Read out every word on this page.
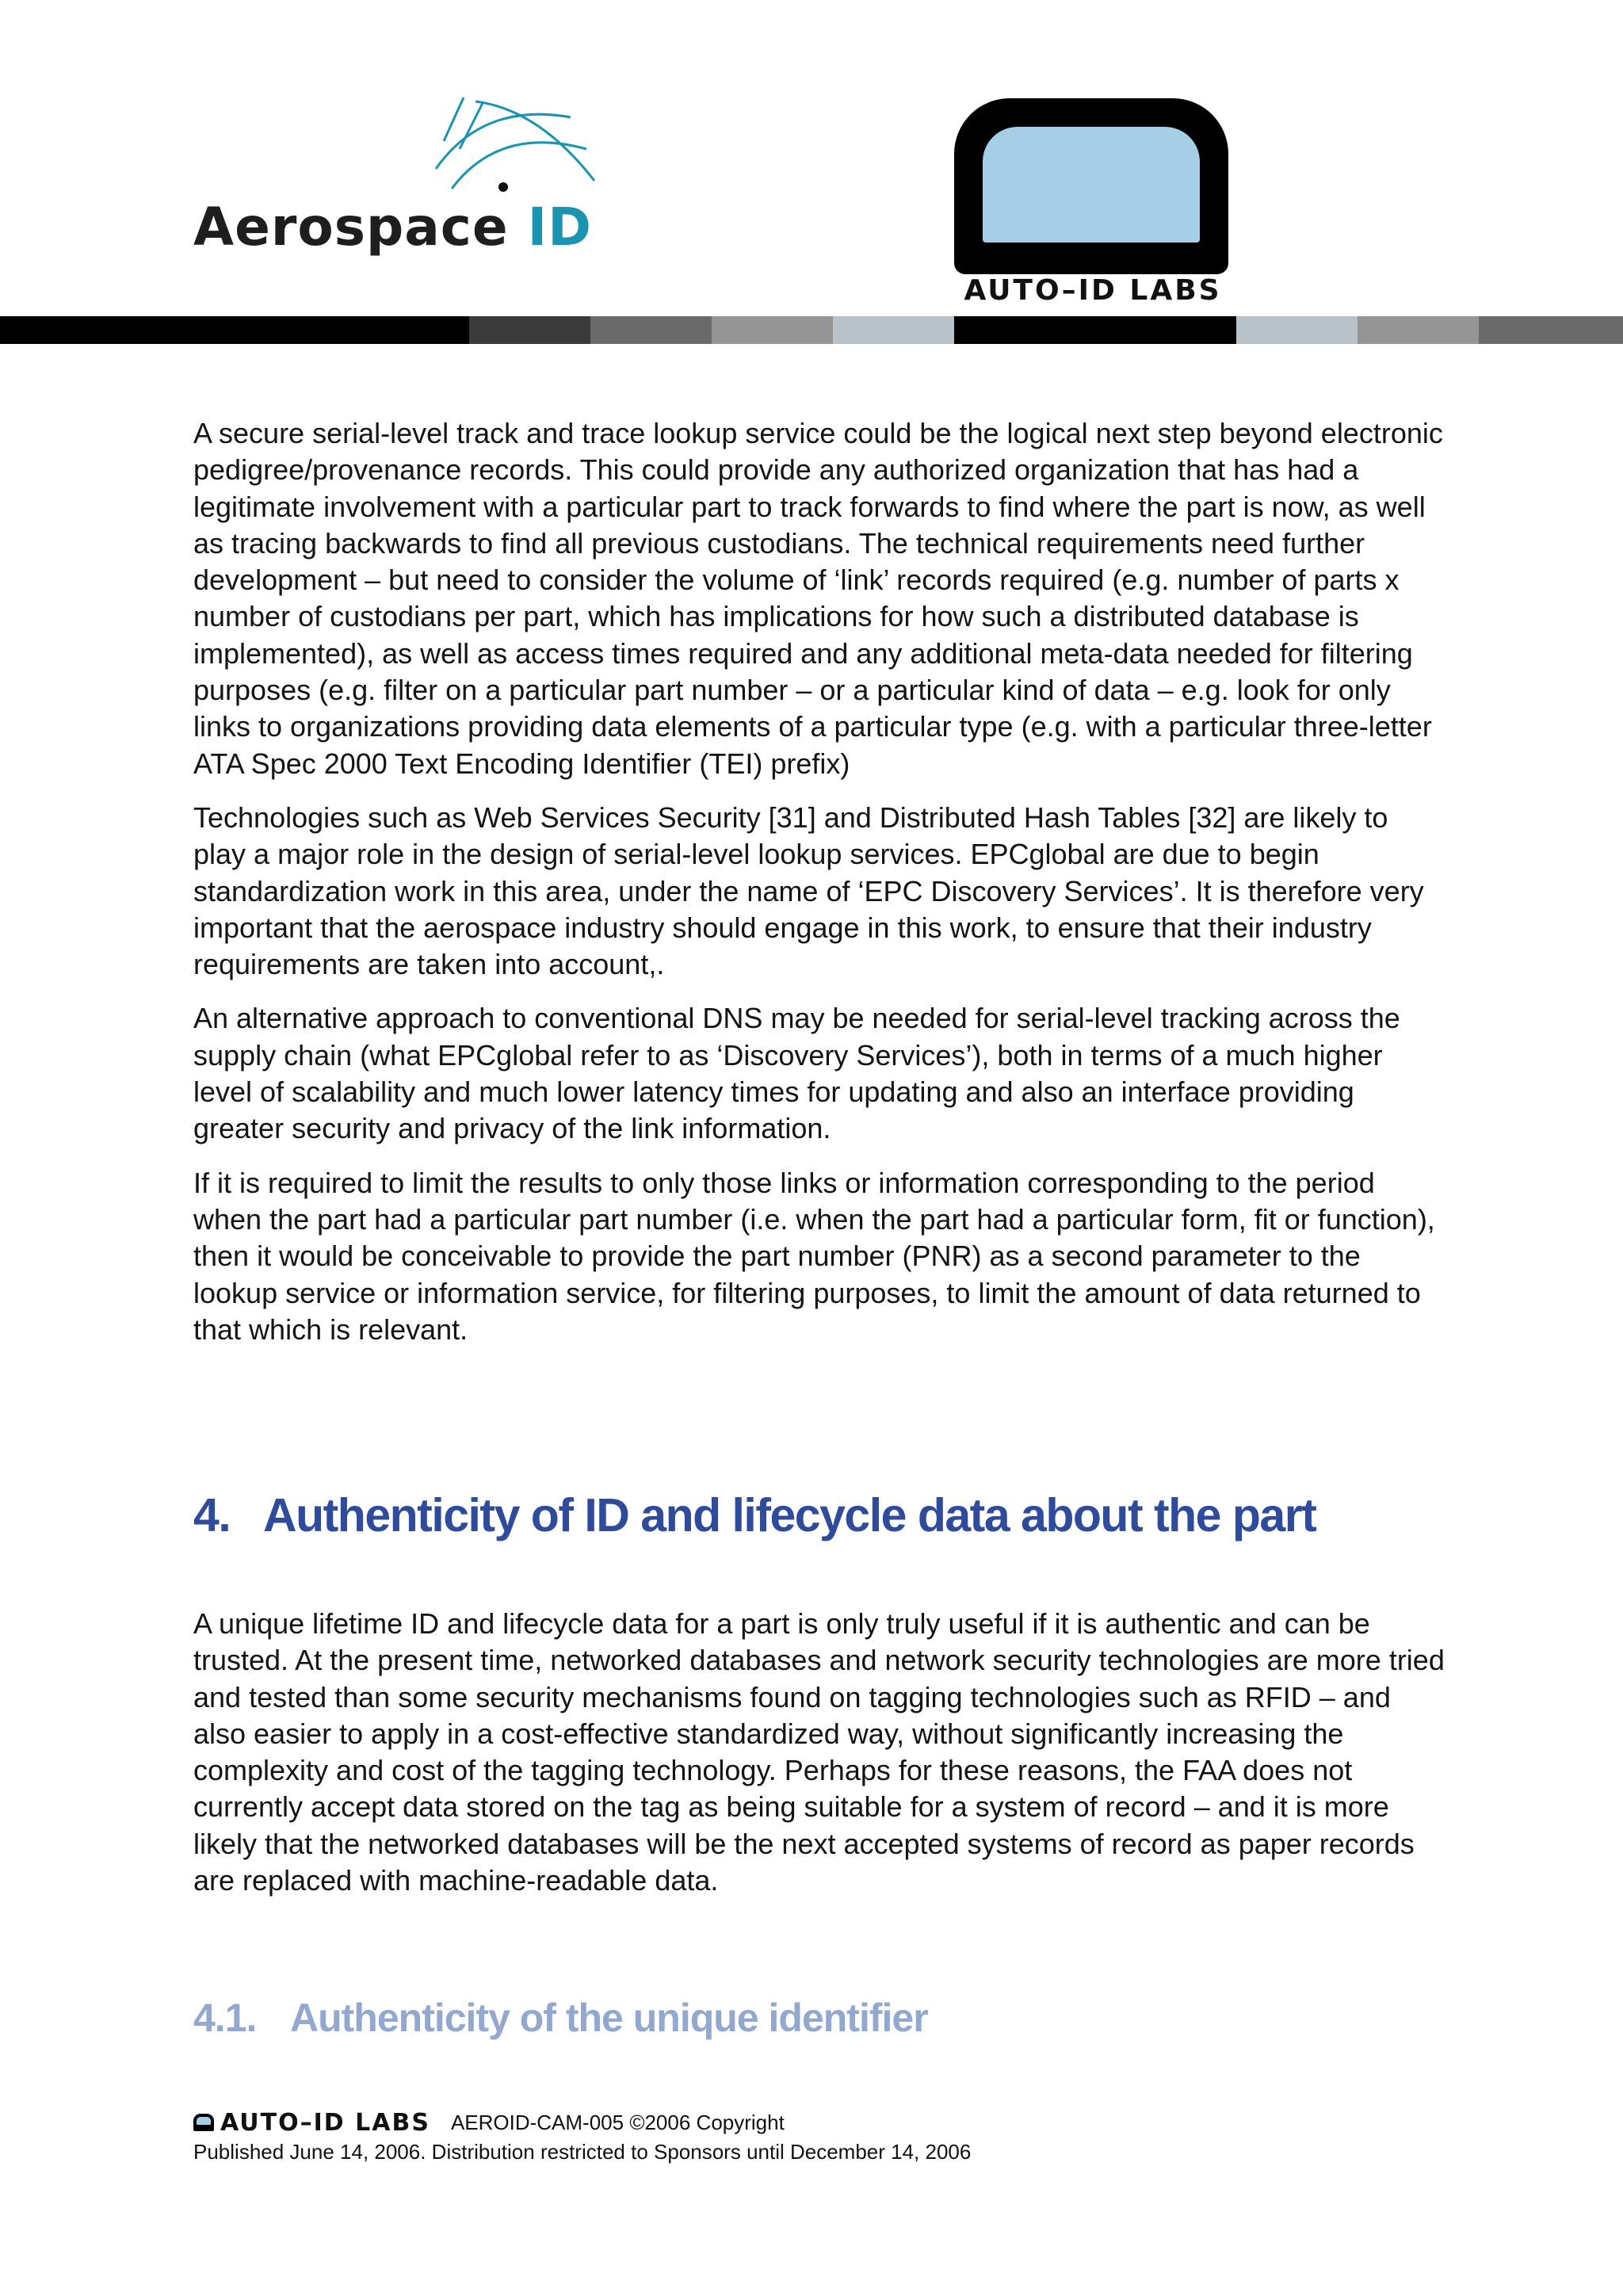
Aerospace ID
AUTO–ID LABS

A secure serial-level track and trace lookup service could be the logical next step beyond electronic pedigree/provenance records. This could provide any authorized organization that has had a legitimate involvement with a particular part to track forwards to find where the part is now, as well as tracing backwards to find all previous custodians. The technical requirements need further development – but need to consider the volume of ‘link’ records required (e.g. number of parts x number of custodians per part, which has implications for how such a distributed database is implemented), as well as access times required and any additional meta-data needed for filtering purposes (e.g. filter on a particular part number – or a particular kind of data – e.g. look for only links to organizations providing data elements of a particular type (e.g. with a particular three-letter ATA Spec 2000 Text Encoding Identifier (TEI) prefix)

Technologies such as Web Services Security [31] and Distributed Hash Tables [32] are likely to play a major role in the design of serial-level lookup services. EPCglobal are due to begin standardization work in this area, under the name of ‘EPC Discovery Services’. It is therefore very important that the aerospace industry should engage in this work, to ensure that their industry requirements are taken into account,.

An alternative approach to conventional DNS may be needed for serial-level tracking across the supply chain (what EPCglobal refer to as ‘Discovery Services’), both in terms of a much higher level of scalability and much lower latency times for updating and also an interface providing greater security and privacy of the link information.

If it is required to limit the results to only those links or information corresponding to the period when the part had a particular part number (i.e. when the part had a particular form, fit or function), then it would be conceivable to provide the part number (PNR) as a second parameter to the lookup service or information service, for filtering purposes, to limit the amount of data returned to that which is relevant.

4. Authenticity of ID and lifecycle data about the part

A unique lifetime ID and lifecycle data for a part is only truly useful if it is authentic and can be trusted. At the present time, networked databases and network security technologies are more tried and tested than some security mechanisms found on tagging technologies such as RFID – and also easier to apply in a cost-effective standardized way, without significantly increasing the complexity and cost of the tagging technology. Perhaps for these reasons, the FAA does not currently accept data stored on the tag as being suitable for a system of record – and it is more likely that the networked databases will be the next accepted systems of record as paper records are replaced with machine-readable data.

4.1. Authenticity of the unique identifier
AUTO–ID LABS AEROID-CAM-005 ©2006 Copyright
Published June 14, 2006. Distribution restricted to Sponsors until December 14, 2006
